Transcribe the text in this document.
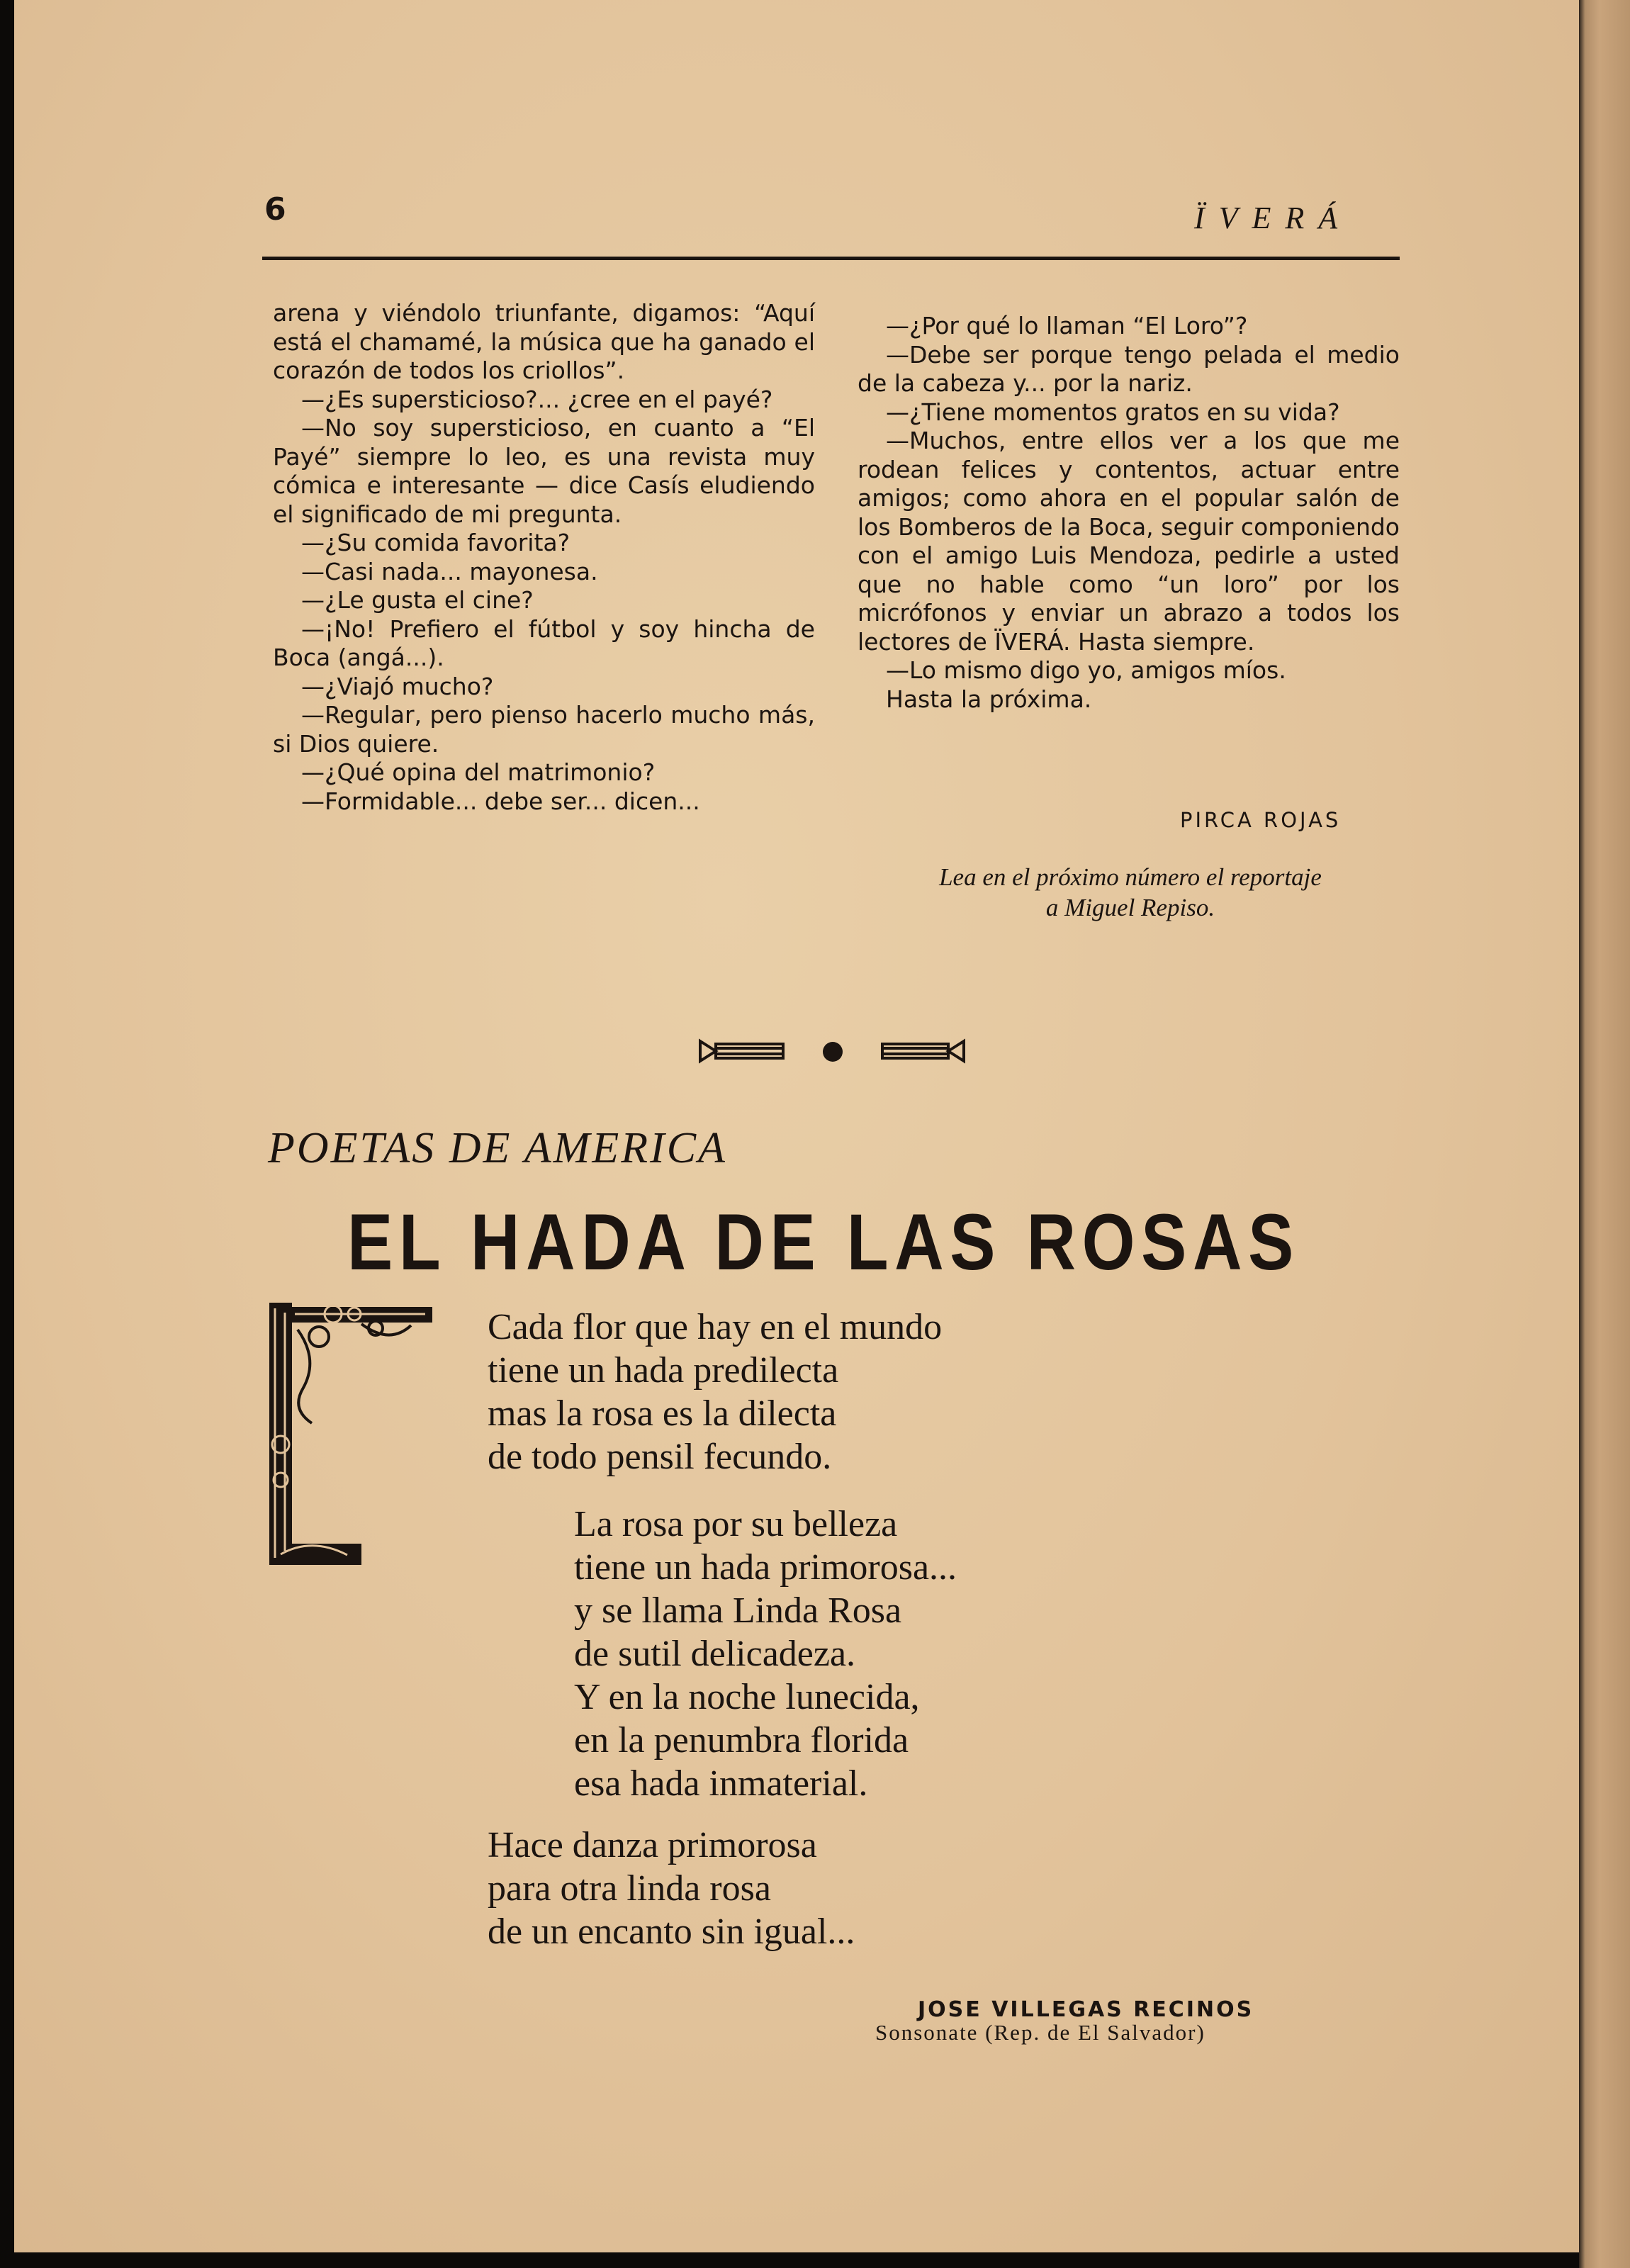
6	ÏVERÁ

arena y viéndolo triunfante, digamos: “Aquí está el chamamé, la música que ha ganado el corazón de todos los criollos”.

—¿Es supersticioso?... ¿cree en el payé?

—No soy supersticioso, en cuanto a “El Payé” siempre lo leo, es una revista muy cómica e interesante — dice Casís eludiendo el significado de mi pregunta.

—¿Su comida favorita?

—Casi nada... mayonesa.

—¿Le gusta el cine?

—¡No! Prefiero el fútbol y soy hincha de Boca (angá...).

—¿Viajó mucho?

—Regular, pero pienso hacerlo mucho más, si Dios quiere.

—¿Qué opina del matrimonio?

—Formidable... debe ser... dicen...

—¿Por qué lo llaman “El Loro”?

—Debe ser porque tengo pelada el medio de la cabeza y... por la nariz.

—¿Tiene momentos gratos en su vida?

—Muchos, entre ellos ver a los que me rodean felices y contentos, actuar entre amigos; como ahora en el popular salón de los Bomberos de la Boca, seguir componiendo con el amigo Luis Mendoza, pedirle a usted que no hable como “un loro” por los micrófonos y enviar un abrazo a todos los lectores de ÏVERÁ. Hasta siempre.

—Lo mismo digo yo, amigos míos.

Hasta la próxima.

PIRCA ROJAS
Lea en el próximo número el reportaje
a Miguel Repiso.
POETAS DE AMERICA
EL HADA DE LAS ROSAS
Cada flor que hay en el mundo
tiene un hada predilecta
mas la rosa es la dilecta
de todo pensil fecundo.
La rosa por su belleza
tiene un hada primorosa...
y se llama Linda Rosa
de sutil delicadeza.
Y en la noche lunecida,
en la penumbra florida
esa hada inmaterial.
Hace danza primorosa
para otra linda rosa
de un encanto sin igual...
JOSE VILLEGAS RECINOS
Sonsonate (Rep. de El Salvador)
